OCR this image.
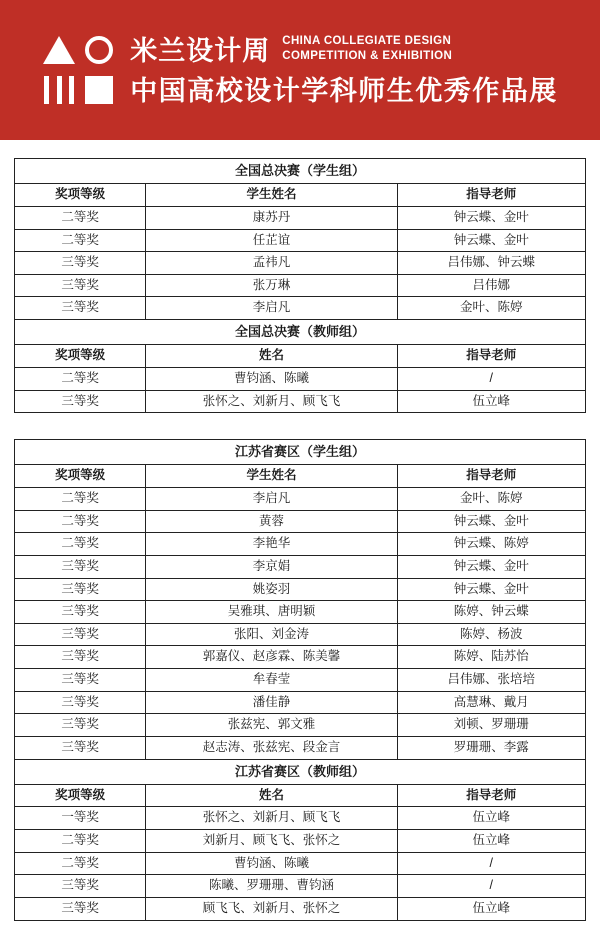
米兰设计周 CHINA COLLEGIATE DESIGN
COMPETITION & EXHIBITION
中国高校设计学科师生优秀作品展
全国总决赛（学生组）		
奖项等级	学生姓名	指导老师
二等奖	康苏丹	钟云蝶、金叶
二等奖	任芷谊	钟云蝶、金叶
三等奖	孟祎凡	吕伟娜、钟云蝶
三等奖	张万琳	吕伟娜
三等奖	李启凡	金叶、陈婷
全国总决赛（教师组）		
奖项等级	姓名	指导老师
二等奖	曹钧涵、陈曦	/
三等奖	张怀之、刘新月、顾飞飞	伍立峰
江苏省赛区（学生组）		
奖项等级	学生姓名	指导老师
二等奖	李启凡	金叶、陈婷
二等奖	黄蓉	钟云蝶、金叶
二等奖	李艳华	钟云蝶、陈婷
三等奖	李京娟	钟云蝶、金叶
三等奖	姚姿羽	钟云蝶、金叶
三等奖	吴雅琪、唐明颖	陈婷、钟云蝶
三等奖	张阳、刘金涛	陈婷、杨波
三等奖	郭嘉仪、赵彦霖、陈美馨	陈婷、陆苏怡
三等奖	牟春莹	吕伟娜、张培培
三等奖	潘佳静	高慧琳、戴月
三等奖	张兹宪、郭文雅	刘顿、罗珊珊
三等奖	赵志涛、张兹宪、段金言	罗珊珊、李露
江苏省赛区（教师组）		
奖项等级	姓名	指导老师
一等奖	张怀之、刘新月、顾飞飞	伍立峰
二等奖	刘新月、顾飞飞、张怀之	伍立峰
二等奖	曹钧涵、陈曦	/
三等奖	陈曦、罗珊珊、曹钧涵	/
三等奖	顾飞飞、刘新月、张怀之	伍立峰
